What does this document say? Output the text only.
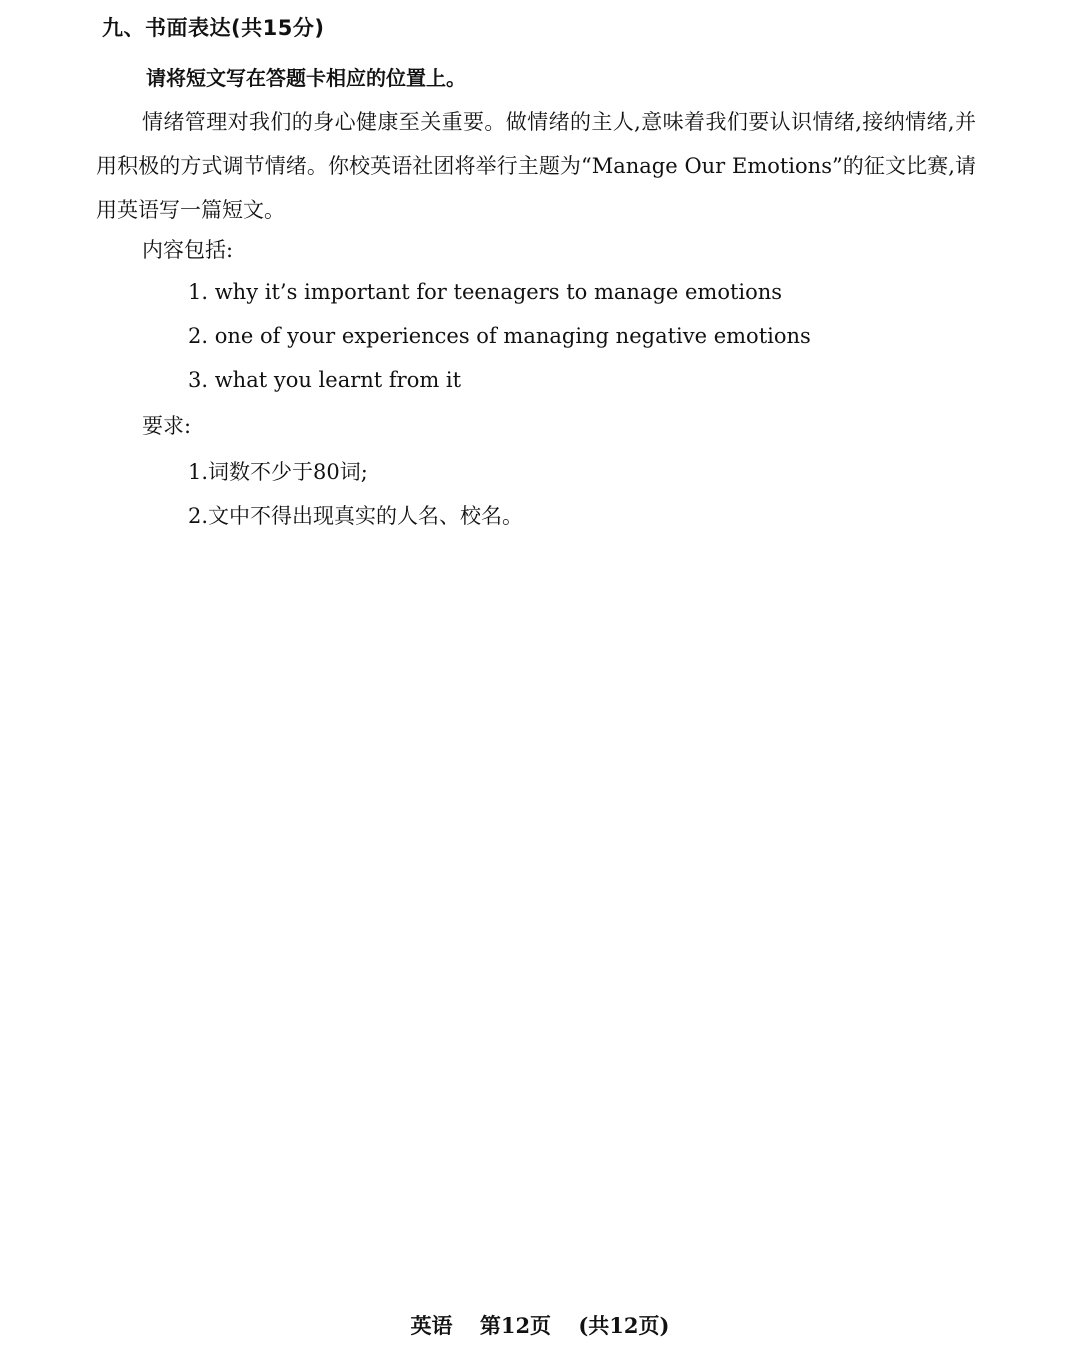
九、书面表达(共15分)
请将短文写在答题卡相应的位置上。
情绪管理对我们的身心健康至关重要。做情绪的主人,意味着我们要认识情绪,接纳情绪,并用积极的方式调节情绪。你校英语社团将举行主题为“Manage Our Emotions”的征文比赛,请用英语写一篇短文。
内容包括:
1. why it’s important for teenagers to manage emotions
2. one of your experiences of managing negative emotions
3. what you learnt from it
要求:
1.词数不少于80词;
2.文中不得出现真实的人名、校名。
英语 第12页 (共12页)
